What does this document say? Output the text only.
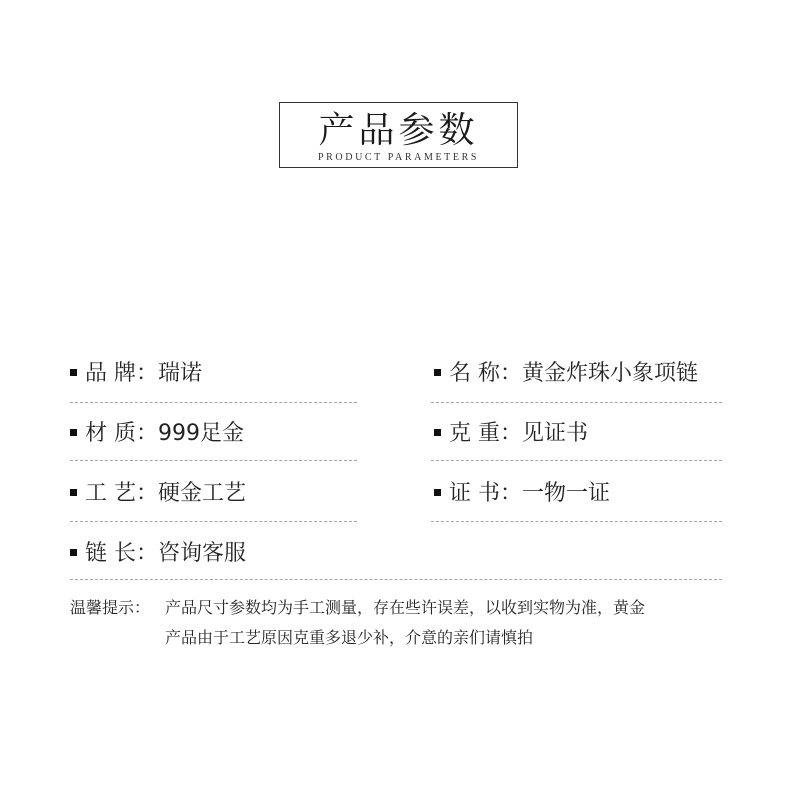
产品参数
PRODUCT PARAMETERS
品 牌：瑞诺	名 称：黄金炸珠小象项链
材 质：999足金	克 重：见证书
工 艺：硬金工艺	证 书：一物一证
链 长：咨询客服
温馨提示： 产品尺寸参数均为手工测量，存在些许误差，以收到实物为准，黄金
产品由于工艺原因克重多退少补，介意的亲们请慎拍
